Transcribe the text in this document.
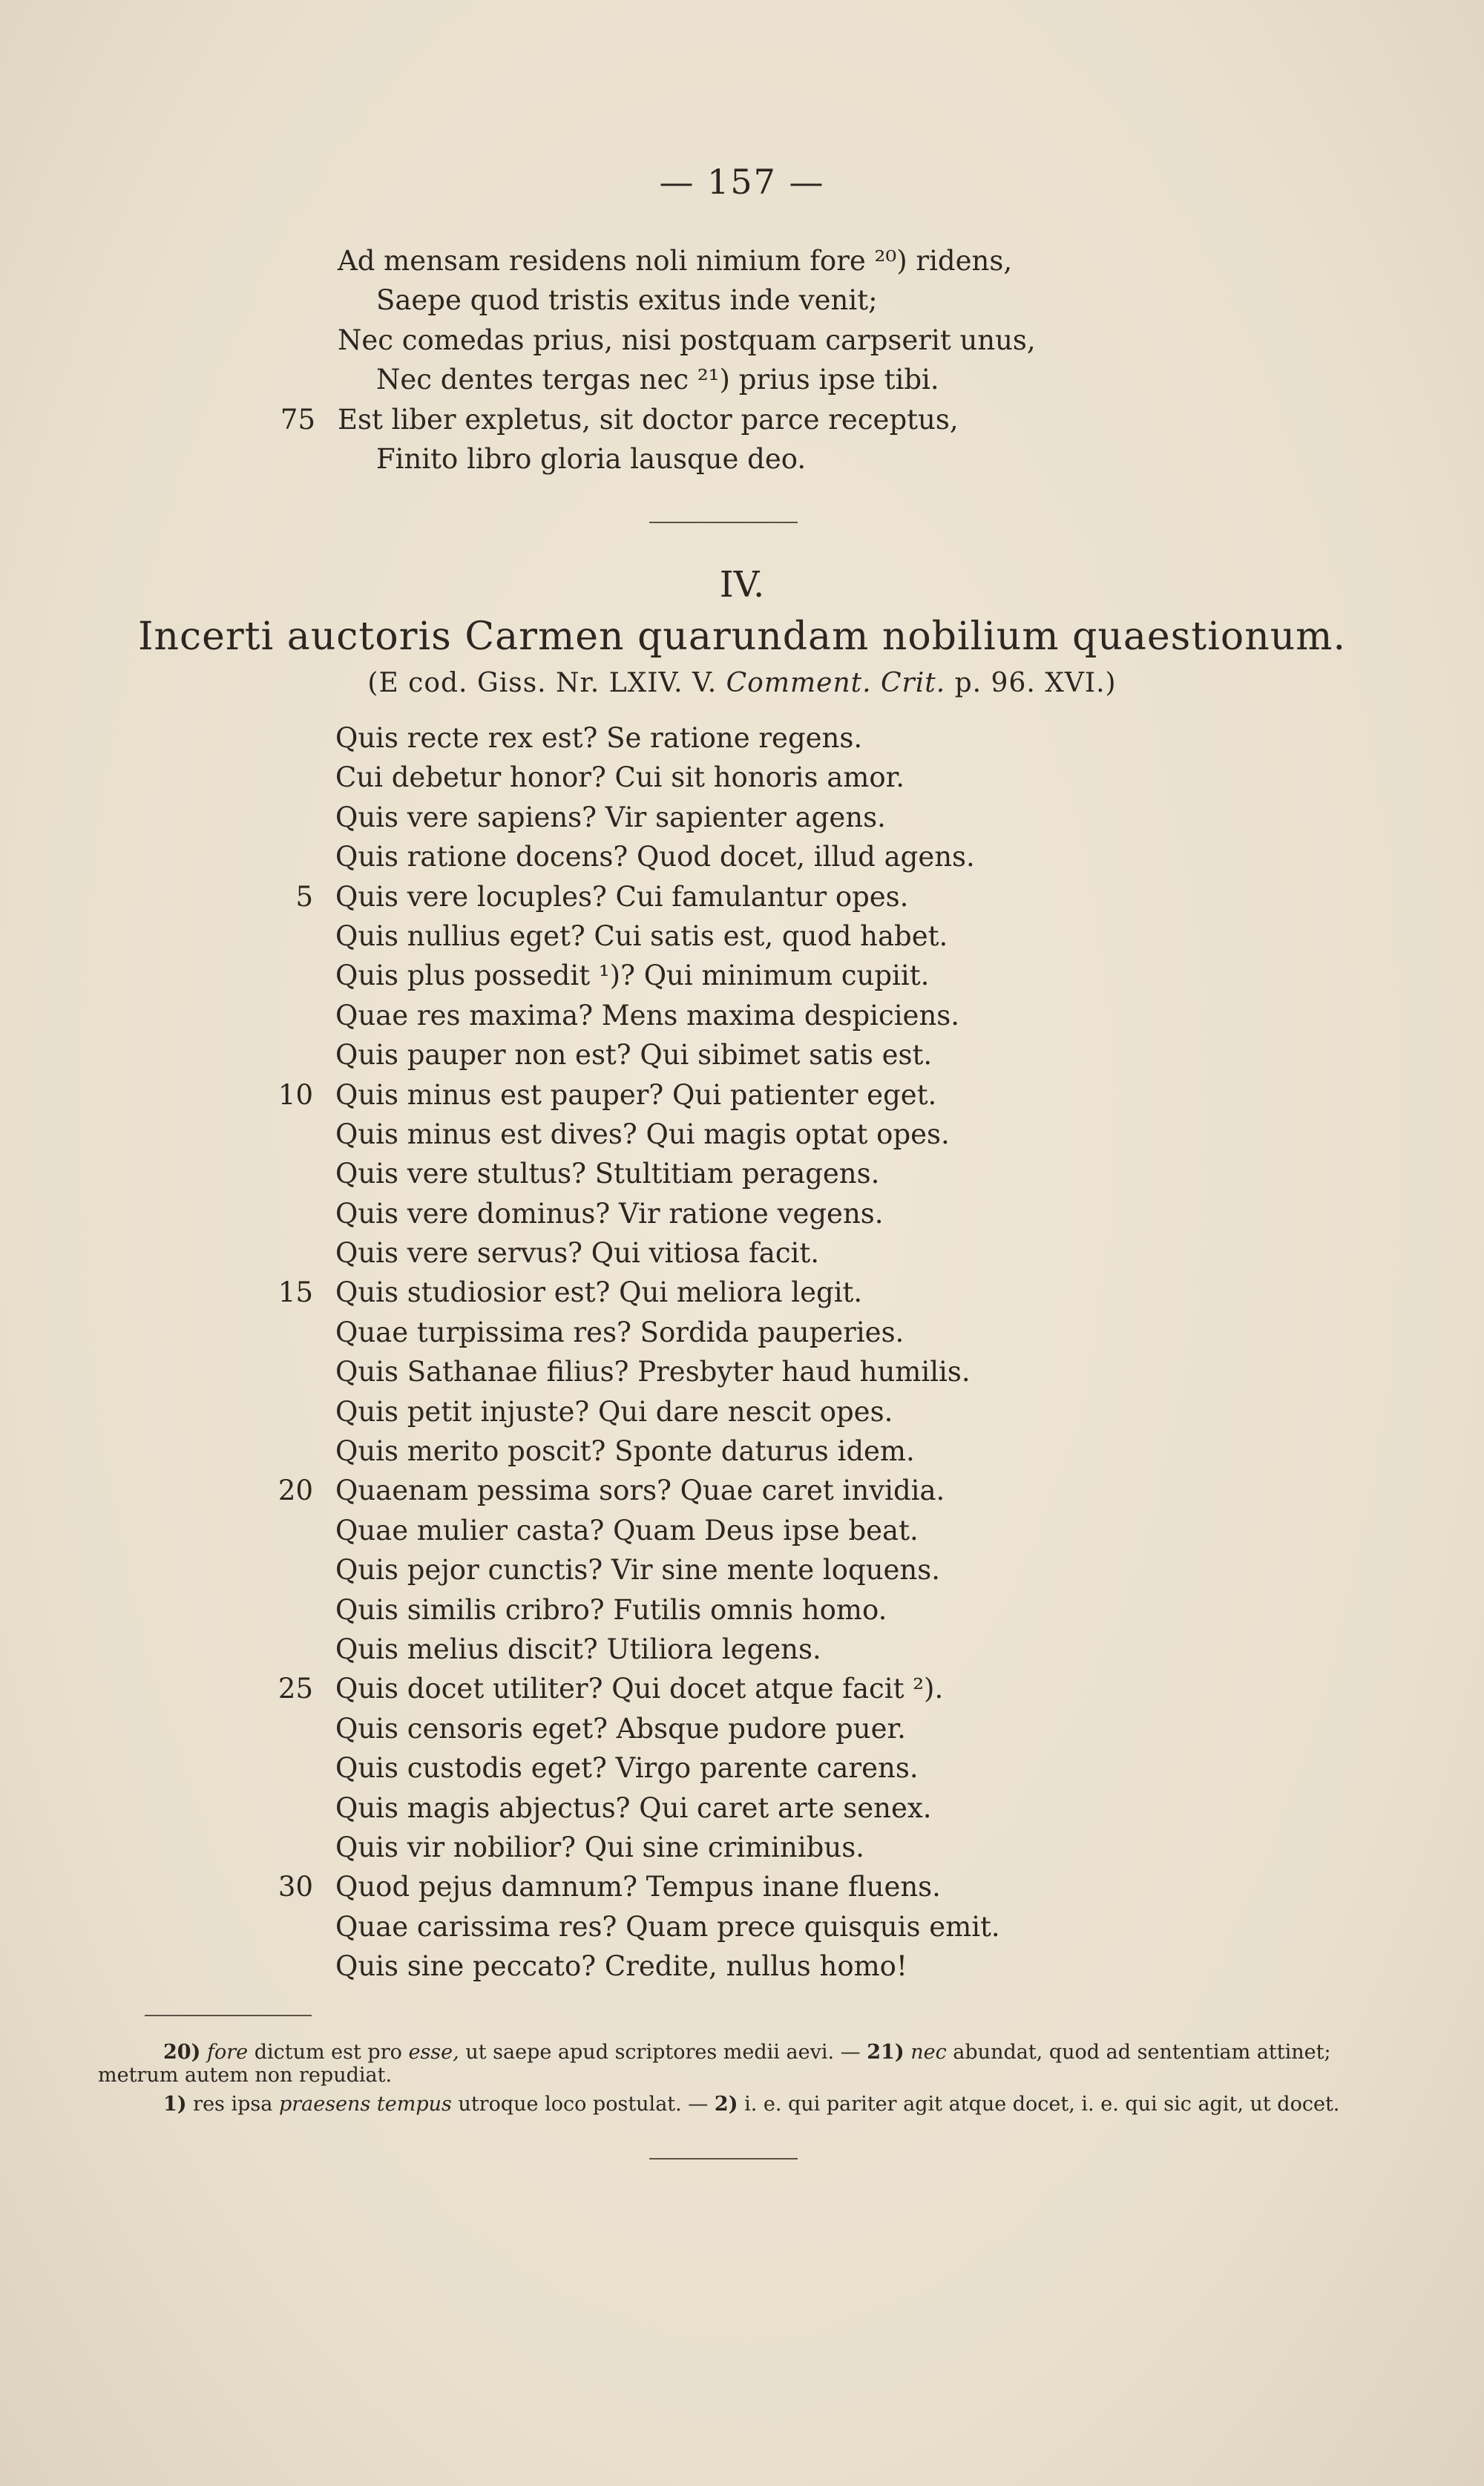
— 157 —
Ad mensam residens noli nimium fore ²⁰) ridens,
Saepe quod tristis exitus inde venit;
Nec comedas prius, nisi postquam carpserit unus,
Nec dentes tergas nec ²¹) prius ipse tibi.
75 Est liber expletus, sit doctor parce receptus,
Finito libro gloria lausque deo.
IV.
Incerti auctoris Carmen quarundam nobilium quaestionum.
(E cod. Giss. Nr. LXIV. V. Comment. Crit. p. 96. XVI.)
Quis recte rex est? Se ratione regens.
Cui debetur honor? Cui sit honoris amor.
Quis vere sapiens? Vir sapienter agens.
Quis ratione docens? Quod docet, illud agens.
5 Quis vere locuples? Cui famulantur opes.
Quis nullius eget? Cui satis est, quod habet.
Quis plus possedit ¹)? Qui minimum cupiit.
Quae res maxima? Mens maxima despiciens.
Quis pauper non est? Qui sibimet satis est.
10 Quis minus est pauper? Qui patienter eget.
Quis minus est dives? Qui magis optat opes.
Quis vere stultus? Stultitiam peragens.
Quis vere dominus? Vir ratione vegens.
Quis vere servus? Qui vitiosa facit.
15 Quis studiosior est? Qui meliora legit.
Quae turpissima res? Sordida pauperies.
Quis Sathanae filius? Presbyter haud humilis.
Quis petit injuste? Qui dare nescit opes.
Quis merito poscit? Sponte daturus idem.
20 Quaenam pessima sors? Quae caret invidia.
Quae mulier casta? Quam Deus ipse beat.
Quis pejor cunctis? Vir sine mente loquens.
Quis similis cribro? Futilis omnis homo.
Quis melius discit? Utiliora legens.
25 Quis docet utiliter? Qui docet atque facit ²).
Quis censoris eget? Absque pudore puer.
Quis custodis eget? Virgo parente carens.
Quis magis abjectus? Qui caret arte senex.
Quis vir nobilior? Qui sine criminibus.
30 Quod pejus damnum? Tempus inane fluens.
Quae carissima res? Quam prece quisquis emit.
Quis sine peccato? Credite, nullus homo!

20) fore dictum est pro esse, ut saepe apud scriptores medii aevi. — 21) nec abundat, quod ad sententiam attinet; metrum autem non repudiat.

1) res ipsa praesens tempus utroque loco postulat. — 2) i. e. qui pariter agit atque docet, i. e. qui sic agit, ut docet.
